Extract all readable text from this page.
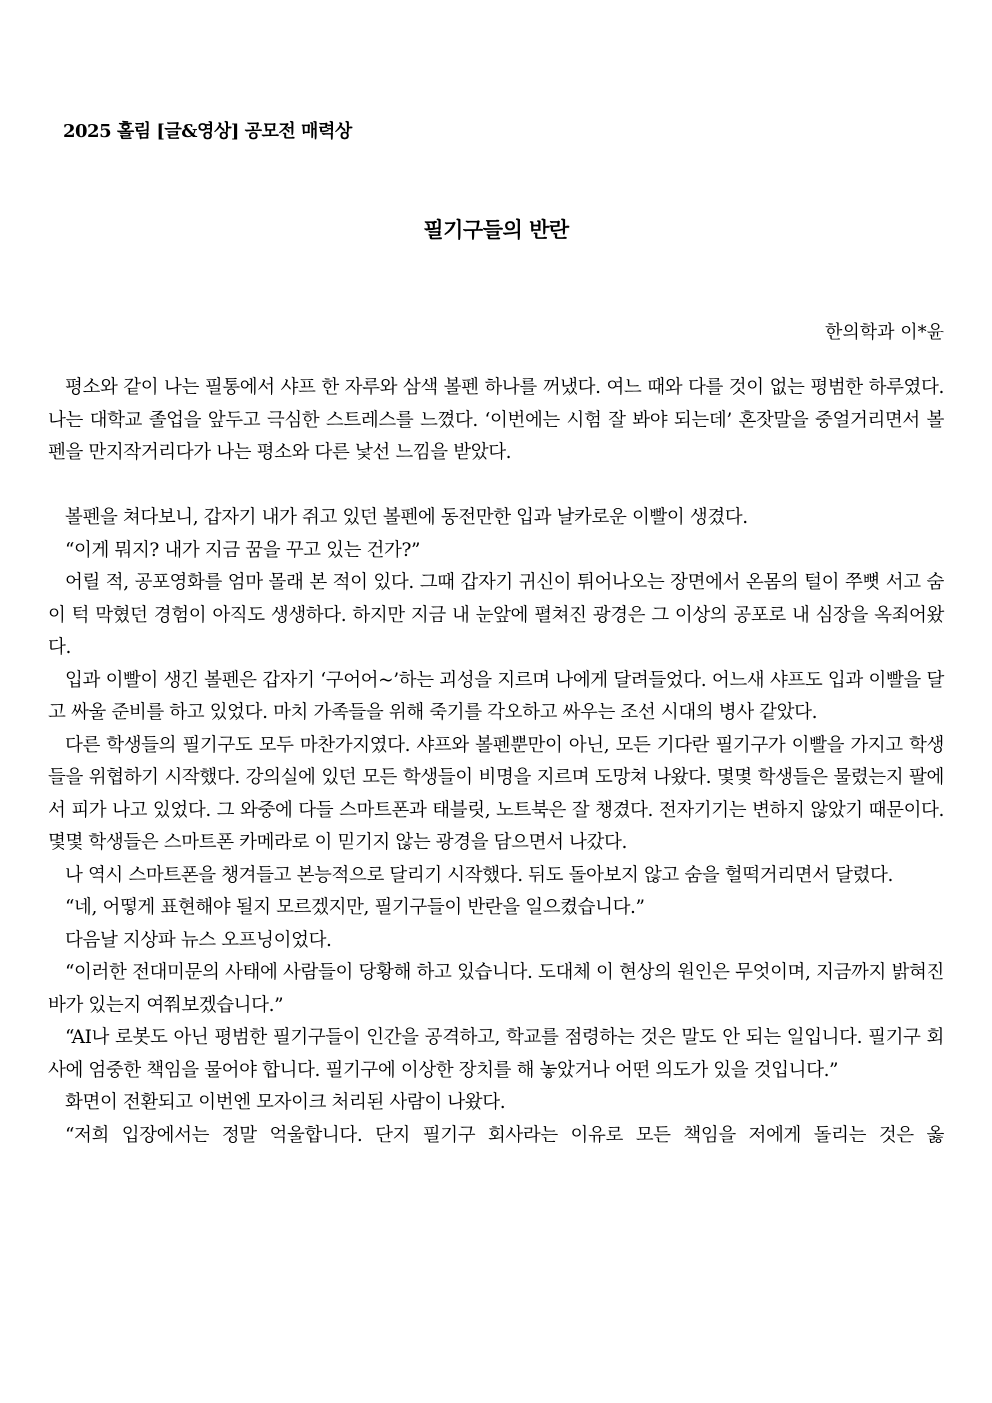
2025 홀림 [글&영상] 공모전 매력상
필기구들의 반란
한의학과 이*윤

평소와 같이 나는 필통에서 샤프 한 자루와 삼색 볼펜 하나를 꺼냈다. 여느 때와 다를 것이 없는 평범한 하루였다. 나는 대학교 졸업을 앞두고 극심한 스트레스를 느꼈다. ‘이번에는 시험 잘 봐야 되는데’ 혼잣말을 중얼거리면서 볼펜을 만지작거리다가 나는 평소와 다른 낯선 느낌을 받았다.

볼펜을 쳐다보니, 갑자기 내가 쥐고 있던 볼펜에 동전만한 입과 날카로운 이빨이 생겼다.

“이게 뭐지? 내가 지금 꿈을 꾸고 있는 건가?”

어릴 적, 공포영화를 엄마 몰래 본 적이 있다. 그때 갑자기 귀신이 튀어나오는 장면에서 온몸의 털이 쭈뼛 서고 숨이 턱 막혔던 경험이 아직도 생생하다. 하지만 지금 내 눈앞에 펼쳐진 광경은 그 이상의 공포로 내 심장을 옥죄어왔다.

입과 이빨이 생긴 볼펜은 갑자기 ‘구어어~’하는 괴성을 지르며 나에게 달려들었다. 어느새 샤프도 입과 이빨을 달고 싸울 준비를 하고 있었다. 마치 가족들을 위해 죽기를 각오하고 싸우는 조선 시대의 병사 같았다.

다른 학생들의 필기구도 모두 마찬가지였다. 샤프와 볼펜뿐만이 아닌, 모든 기다란 필기구가 이빨을 가지고 학생들을 위협하기 시작했다. 강의실에 있던 모든 학생들이 비명을 지르며 도망쳐 나왔다. 몇몇 학생들은 물렸는지 팔에서 피가 나고 있었다. 그 와중에 다들 스마트폰과 태블릿, 노트북은 잘 챙겼다. 전자기기는 변하지 않았기 때문이다. 몇몇 학생들은 스마트폰 카메라로 이 믿기지 않는 광경을 담으면서 나갔다.

나 역시 스마트폰을 챙겨들고 본능적으로 달리기 시작했다. 뒤도 돌아보지 않고 숨을 헐떡거리면서 달렸다.

“네, 어떻게 표현해야 될지 모르겠지만, 필기구들이 반란을 일으켰습니다.”

다음날 지상파 뉴스 오프닝이었다.

“이러한 전대미문의 사태에 사람들이 당황해 하고 있습니다. 도대체 이 현상의 원인은 무엇이며, 지금까지 밝혀진 바가 있는지 여쭤보겠습니다.”

“AI나 로봇도 아닌 평범한 필기구들이 인간을 공격하고, 학교를 점령하는 것은 말도 안 되는 일입니다. 필기구 회사에 엄중한 책임을 물어야 합니다. 필기구에 이상한 장치를 해 놓았거나 어떤 의도가 있을 것입니다.”

화면이 전환되고 이번엔 모자이크 처리된 사람이 나왔다.

“저희 입장에서는 정말 억울합니다. 단지 필기구 회사라는 이유로 모든 책임을 저에게 돌리는 것은 옳
